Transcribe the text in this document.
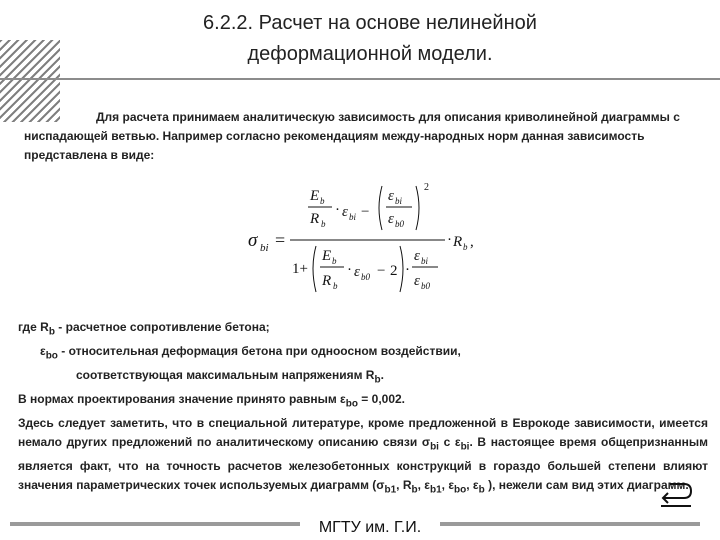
6.2.2. Расчет на основе нелинейной
деформационной модели.
Для расчета принимаем аналитическую зависимость для описания криволинейной диаграммы с ниспадающей ветвью. Например согласно рекомендациям между-народных норм данная зависимость представлена в виде:
σ bi =
E b
R b
· ε bi −
ε bi
ε b0
2
1+
E b
R b
· ε b0 − 2 ·
ε bi
ε b0
· R b ,

где $R_b$ - расчетное сопротивление бетона;

$\varepsilon_{bo}$ - относительная деформация бетона при одноосном воздействии,

соответствующая максимальным напряжениям $R_b$.

В нормах проектирования значение принято равным $\varepsilon_{bo} = 0,002$.

Здесь следует заметить, что в специальной литературе, кроме предложенной в Еврокоде зависимости, имеется немало других предложений по аналитическому описанию связи $\sigma_{bi}$ с $\varepsilon_{bi}$. В настоящее время общепризнанным является факт, что на точность расчетов железобетонных конструкций в гораздо большей степени влияют значения параметрических точек используемых диаграмм ($\sigma_{b1}$, $R_b$, $\varepsilon_{b1}$, $\varepsilon_{bo}$, $\varepsilon_b$ ), нежели сам вид этих диаграмм.

МГТУ им. Г.И.
